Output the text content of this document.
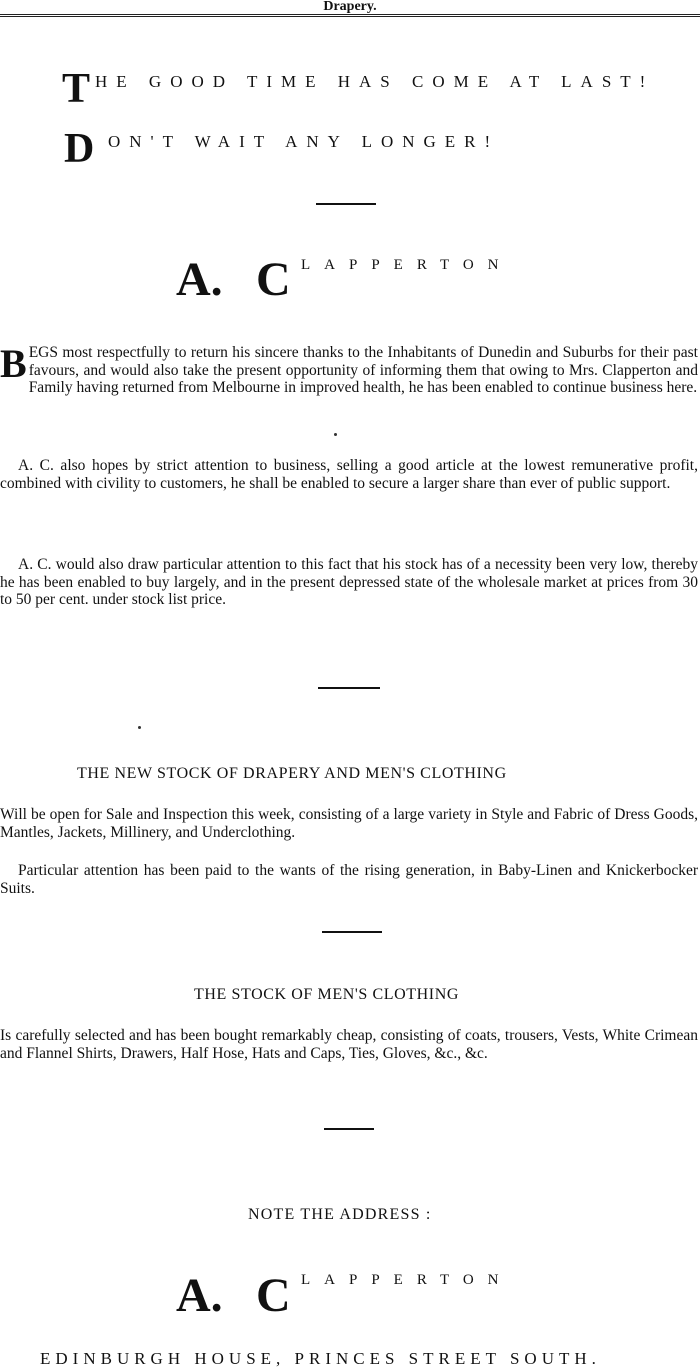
Drapery.
T HE GOOD TIME HAS COME AT LAST!
D ON'T WAIT ANY LONGER!
A. C LAPPERTON
B EGS most respectfully to return his sincere thanks to the Inhabitants of Dunedin and Suburbs for their past favours, and would also take the present opportunity of informing them that owing to Mrs. Clapperton and Family having returned from Melbourne in improved health, he has been enabled to continue business here.

A. C. also hopes by strict attention to business, selling a good article at the lowest remunerative profit, combined with civility to customers, he shall be enabled to secure a larger share than ever of public support.

A. C. would also draw particular attention to this fact that his stock has of a necessity been very low, thereby he has been enabled to buy largely, and in the present depressed state of the wholesale market at prices from 30 to 50 per cent. under stock list price.

THE NEW STOCK OF DRAPERY AND MEN'S CLOTHING

Will be open for Sale and Inspection this week, consisting of a large variety in Style and Fabric of Dress Goods, Mantles, Jackets, Millinery, and Underclothing.

Particular attention has been paid to the wants of the rising generation, in Baby-Linen and Knickerbocker Suits.

THE STOCK OF MEN'S CLOTHING

Is carefully selected and has been bought remarkably cheap, consisting of coats, trousers, Vests, White Crimean and Flannel Shirts, Drawers, Half Hose, Hats and Caps, Ties, Gloves, &c., &c.

NOTE THE ADDRESS :
A. C LAPPERTON
EDINBURGH HOUSE, PRINCES STREET SOUTH.
